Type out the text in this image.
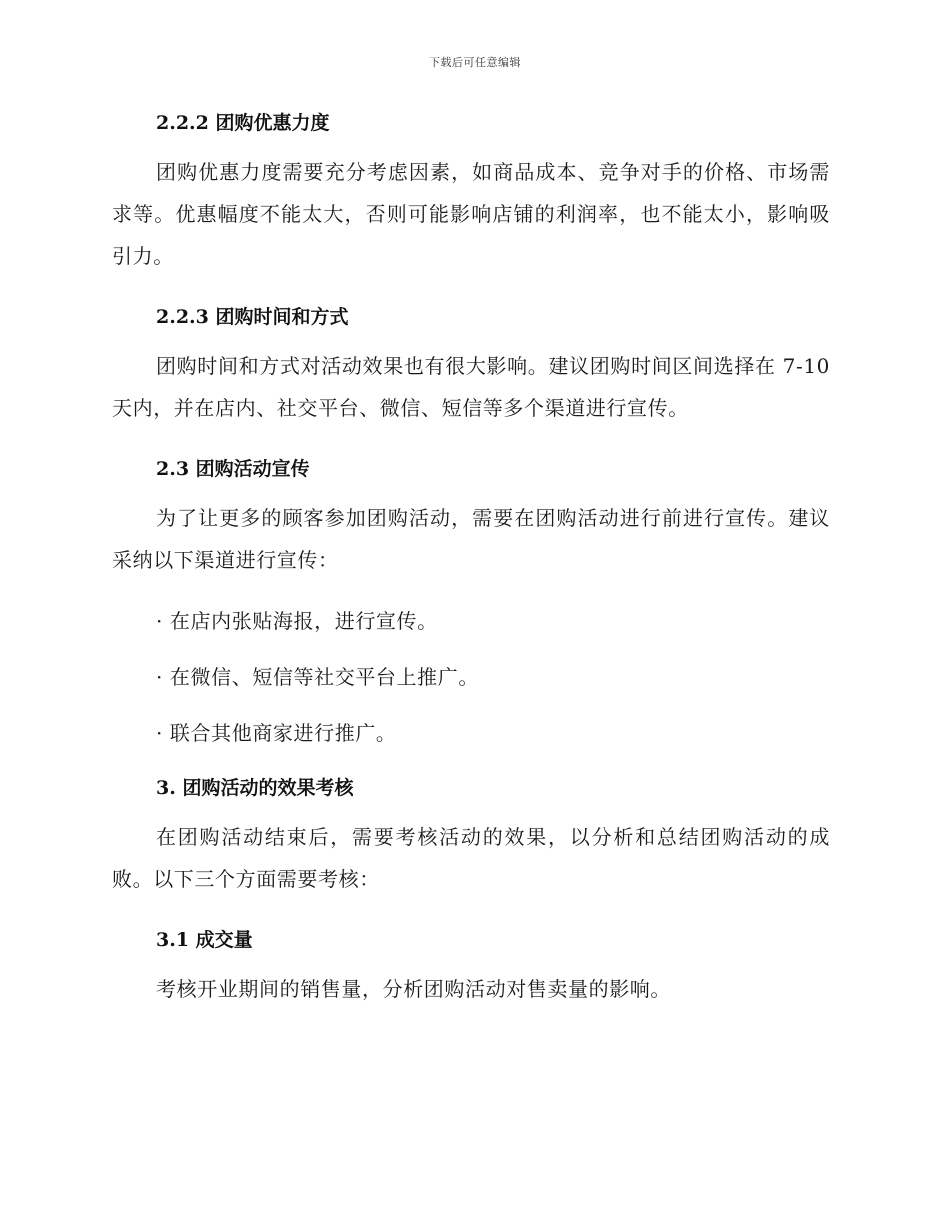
下载后可任意编辑
2.2.2 团购优惠力度

团购优惠力度需要充分考虑因素，如商品成本、竞争对手的价格、市场需求等。优惠幅度不能太大，否则可能影响店铺的利润率，也不能太小，影响吸引力。

2.2.3 团购时间和方式

团购时间和方式对活动效果也有很大影响。建议团购时间区间选择在 7-10 天内，并在店内、社交平台、微信、短信等多个渠道进行宣传。

2.3 团购活动宣传

为了让更多的顾客参加团购活动，需要在团购活动进行前进行宣传。建议采纳以下渠道进行宣传：

· 在店内张贴海报，进行宣传。

· 在微信、短信等社交平台上推广。

· 联合其他商家进行推广。

3. 团购活动的效果考核

在团购活动结束后，需要考核活动的效果，以分析和总结团购活动的成败。以下三个方面需要考核：

3.1 成交量

考核开业期间的销售量，分析团购活动对售卖量的影响。
